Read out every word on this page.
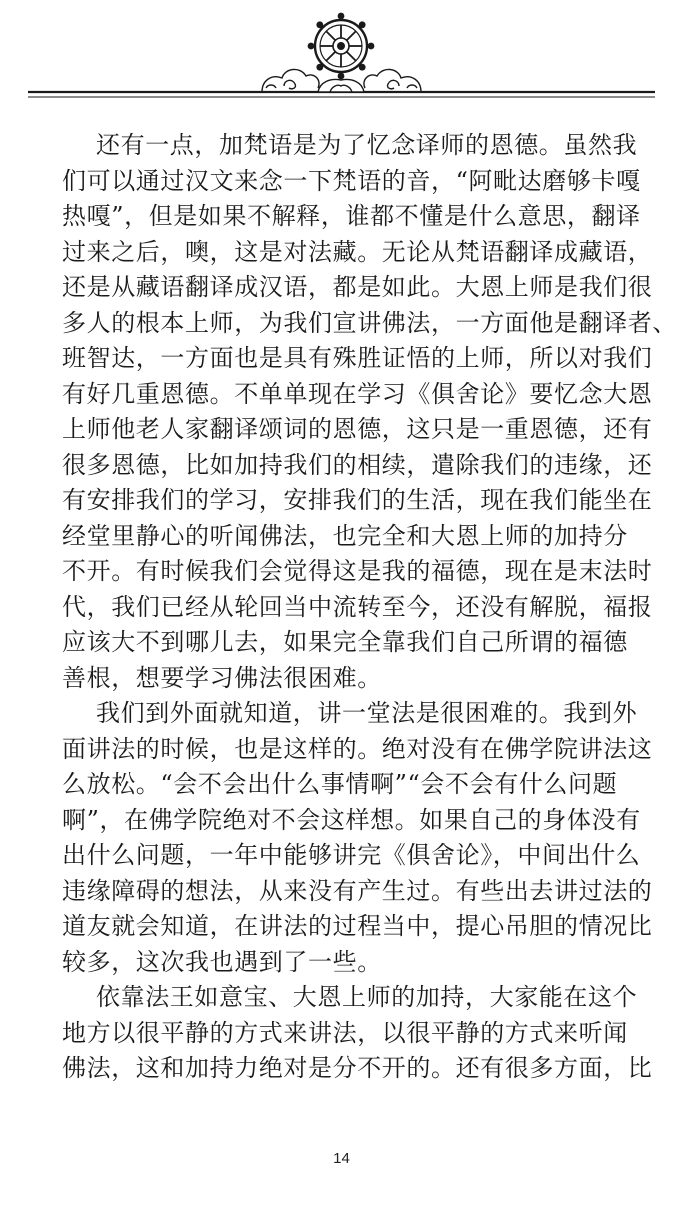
还有一点，加梵语是为了忆念译师的恩德。虽然我
们可以通过汉文来念一下梵语的音，“阿毗达磨够卡嘎
热嘎”，但是如果不解释，谁都不懂是什么意思，翻译
过来之后，噢，这是对法藏。无论从梵语翻译成藏语，
还是从藏语翻译成汉语，都是如此。大恩上师是我们很
多人的根本上师，为我们宣讲佛法，一方面他是翻译者、
班智达，一方面也是具有殊胜证悟的上师，所以对我们
有好几重恩德。不单单现在学习《俱舍论》要忆念大恩
上师他老人家翻译颂词的恩德，这只是一重恩德，还有
很多恩德，比如加持我们的相续，遣除我们的违缘，还
有安排我们的学习，安排我们的生活，现在我们能坐在
经堂里静心的听闻佛法，也完全和大恩上师的加持分
不开。有时候我们会觉得这是我的福德，现在是末法时
代，我们已经从轮回当中流转至今，还没有解脱，福报
应该大不到哪儿去，如果完全靠我们自己所谓的福德
善根，想要学习佛法很困难。
我们到外面就知道，讲一堂法是很困难的。我到外
面讲法的时候，也是这样的。绝对没有在佛学院讲法这
么放松。“会不会出什么事情啊”“会不会有什么问题
啊”，在佛学院绝对不会这样想。如果自己的身体没有
出什么问题，一年中能够讲完《俱舍论》，中间出什么
违缘障碍的想法，从来没有产生过。有些出去讲过法的
道友就会知道，在讲法的过程当中，提心吊胆的情况比
较多，这次我也遇到了一些。
依靠法王如意宝、大恩上师的加持，大家能在这个
地方以很平静的方式来讲法，以很平静的方式来听闻
佛法，这和加持力绝对是分不开的。还有很多方面，比
14
